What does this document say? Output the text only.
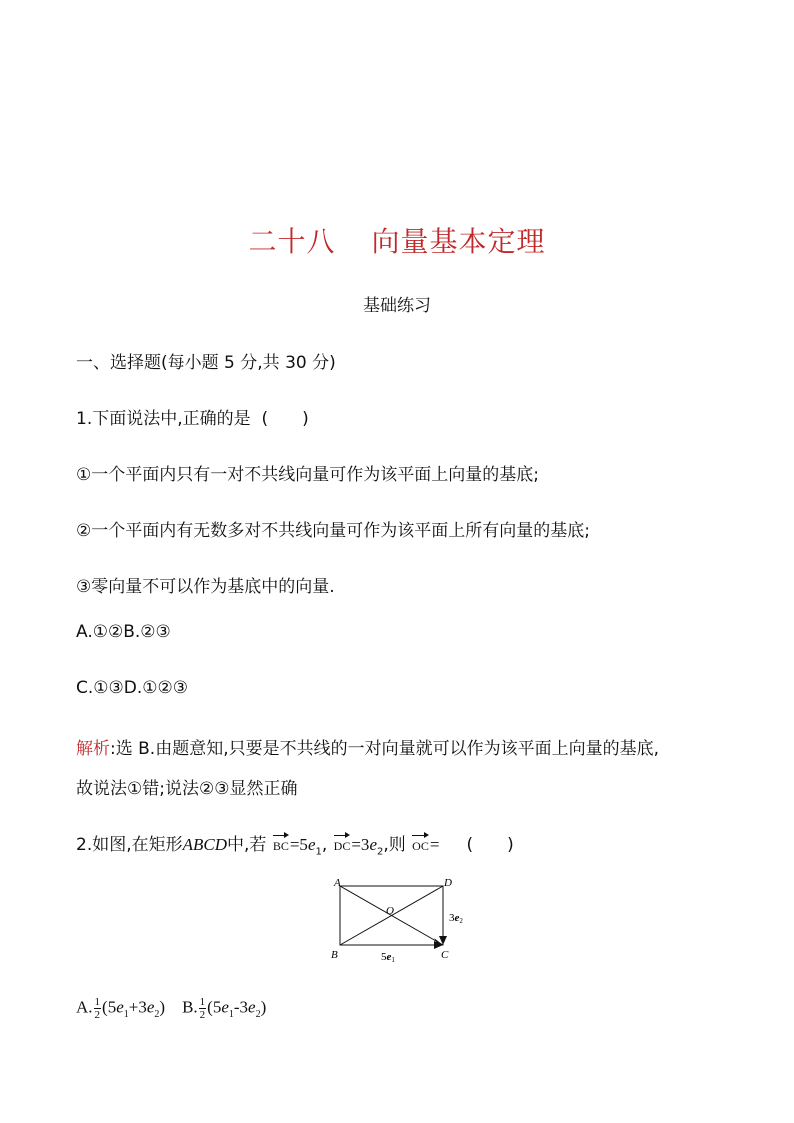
二十八 向量基本定理
基础练习
一、选择题(每小题 5 分,共 30 分)
1.下面说法中,正确的是 (　　)
①一个平面内只有一对不共线向量可作为该平面上向量的基底;
②一个平面内有无数多对不共线向量可作为该平面上所有向量的基底;
③零向量不可以作为基底中的向量.
A.①②B.②③
C.①③D.①②③
解析:选 B.由题意知,只要是不共线的一对向量就可以作为该平面上向量的基底,
故说法①错;说法②③显然正确
2.如图,在矩形ABCD中,若 $BC=5e_1$, $DC=3e_2$,则 OC= (　　)
A	D
B	C
O
5e1
3e2
A. $\frac{1}{2} (5e_1+3e_2)$ B. $\frac{1}{2} (5e_1-3e_2)$
